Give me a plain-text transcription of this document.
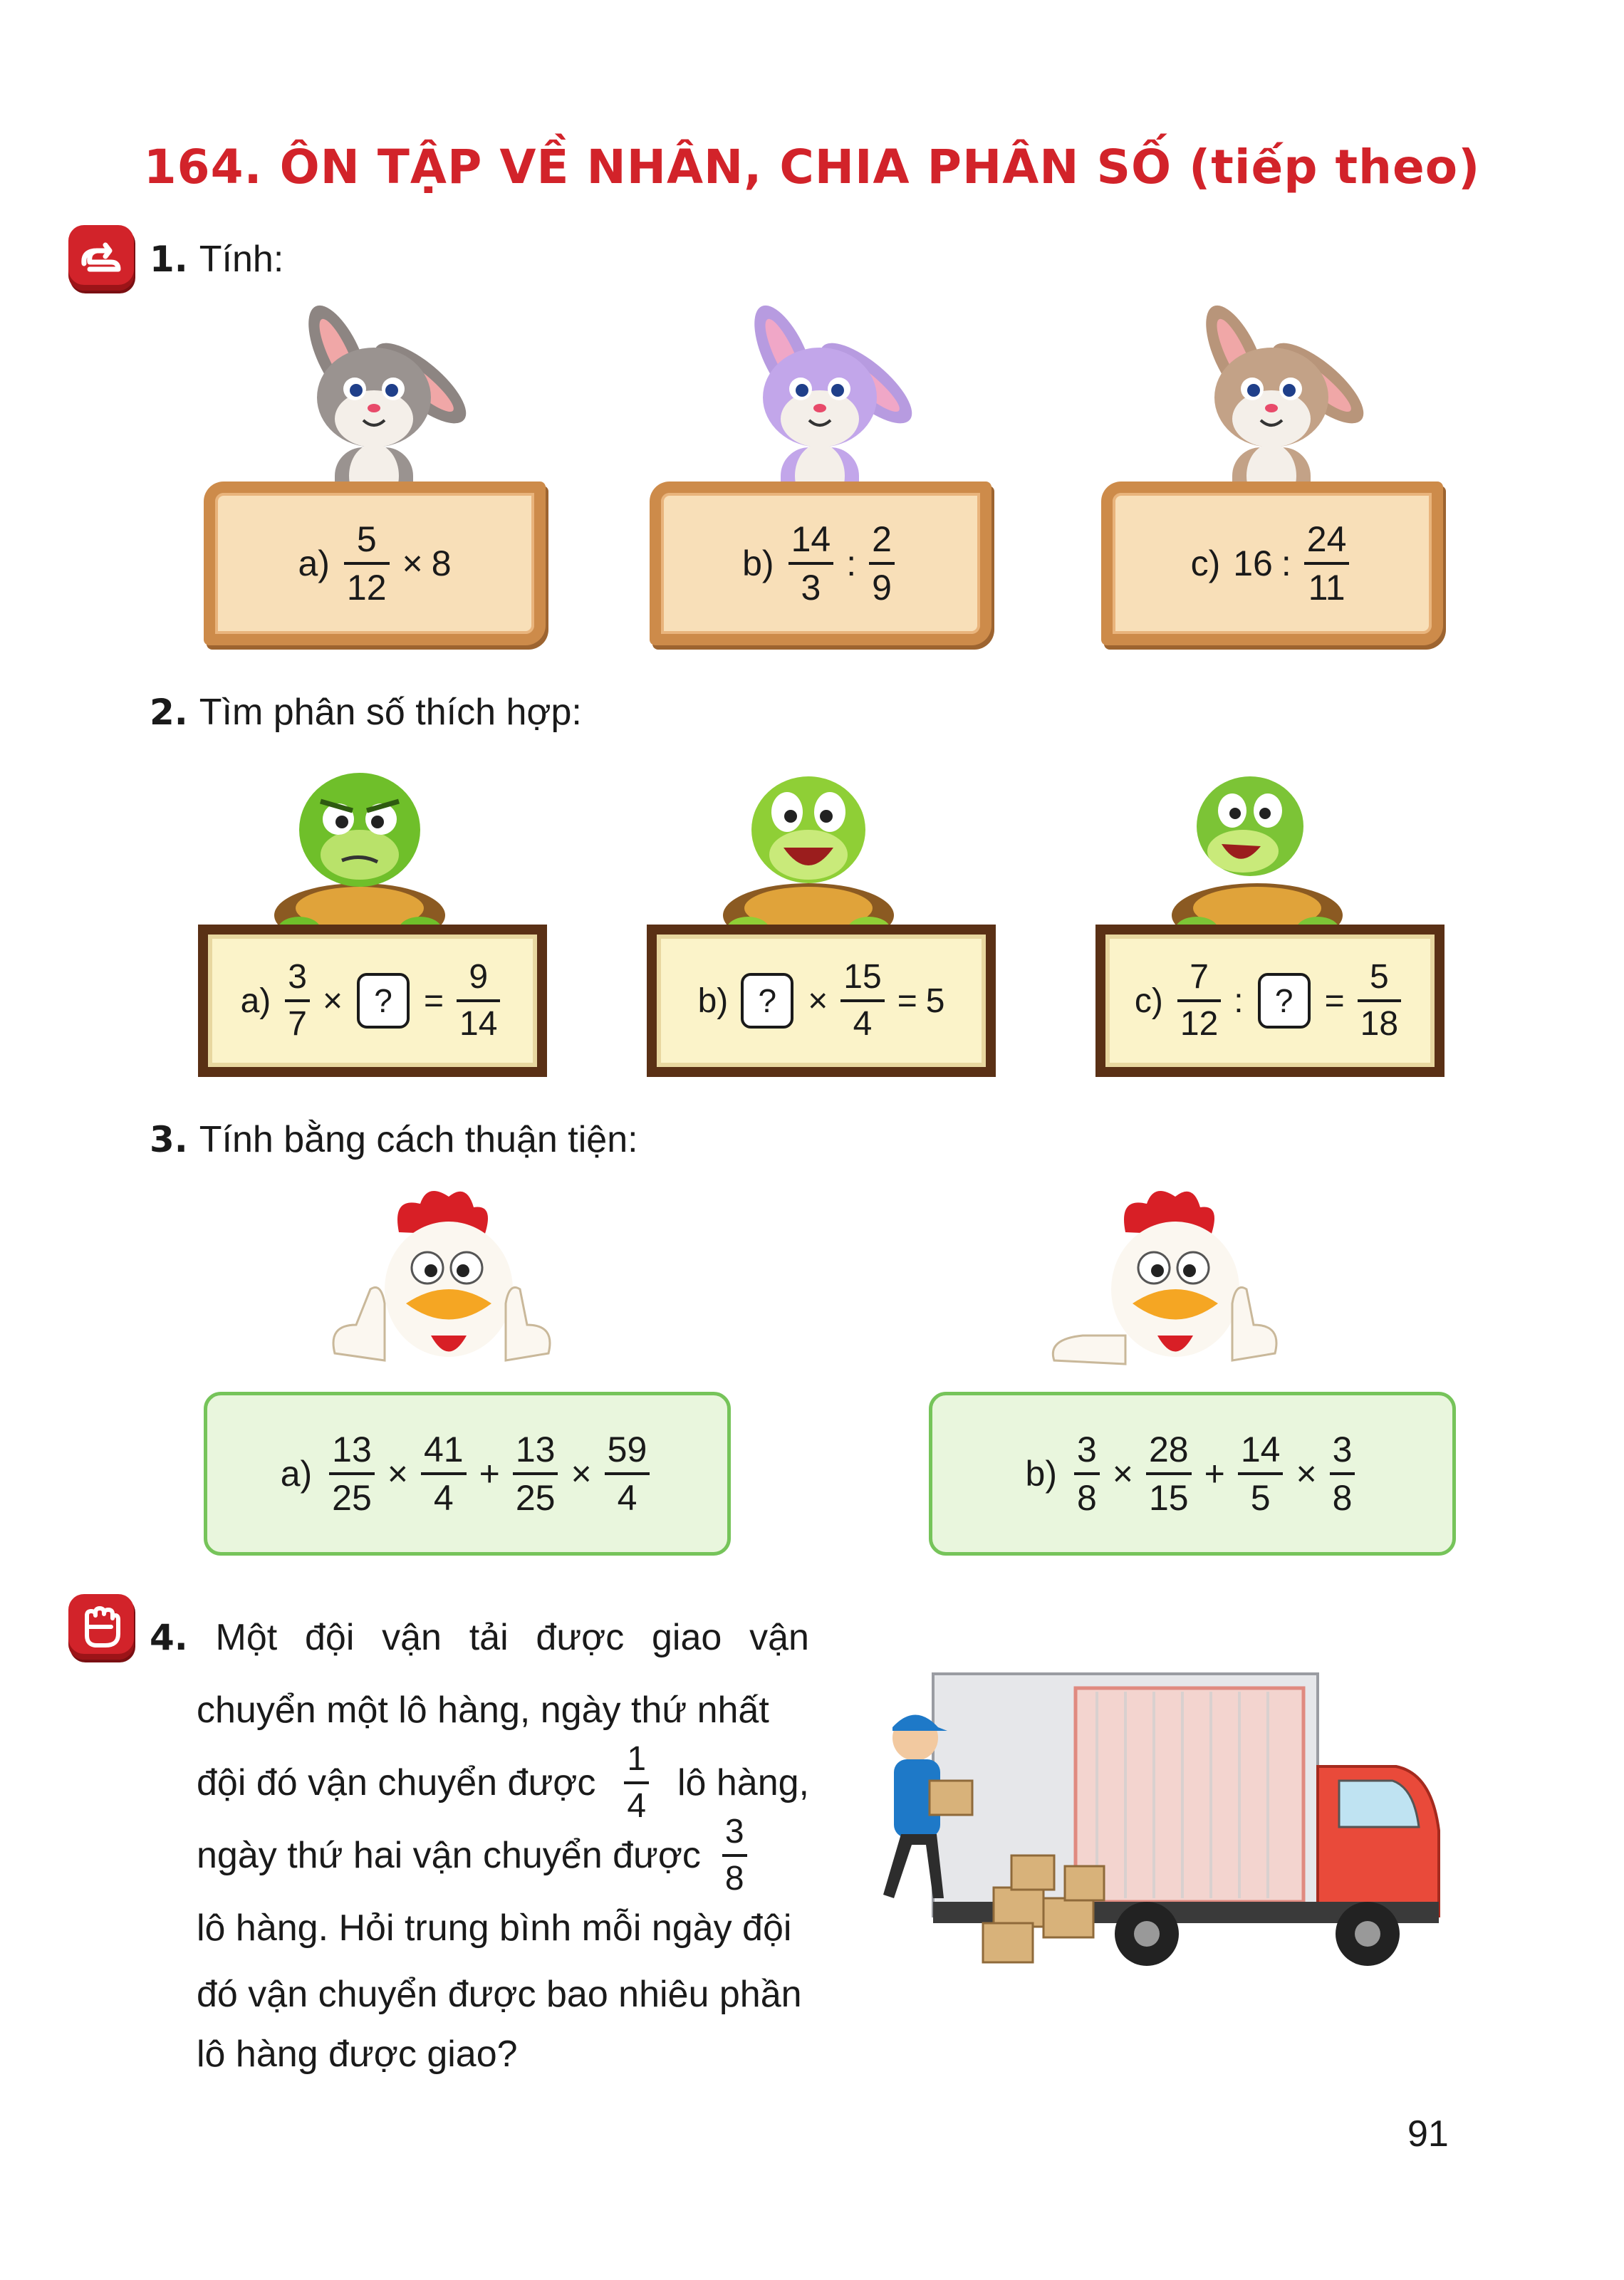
164. ÔN TẬP VỀ NHÂN, CHIA PHÂN SỐ (tiếp theo)
1. Tính:
$a) \frac{5}{12} \times 8$	$b) \frac{14}{3}$ : $\frac{2}{9}$	c) 16 : $\frac{24}{11}$
2. Tìm phân số thích hợp:
$a) \frac{3}{7}$ × ? = $\frac{9}{14}$	b) ? × $\frac{15}{4} = 5$	$c) \frac{7}{12}$ : ? = $\frac{5}{18}$
3. Tính bằng cách thuận tiện:
$a) \frac{13}{25} \times \frac{41}{4} + \frac{13}{25} \times \frac{59}{4}$	$b) \frac{3}{8} \times \frac{28}{15} + \frac{14}{5} \times \frac{3}{8}$
4. Một đội vận tải được giao vận
chuyển một lô hàng, ngày thứ nhất
đội đó vận chuyển được $\frac{1}{4}$ lô hàng,
ngày thứ hai vận chuyển được $\frac{3}{8}$
lô hàng. Hỏi trung bình mỗi ngày đội
đó vận chuyển được bao nhiêu phần
lô hàng được giao?
91
